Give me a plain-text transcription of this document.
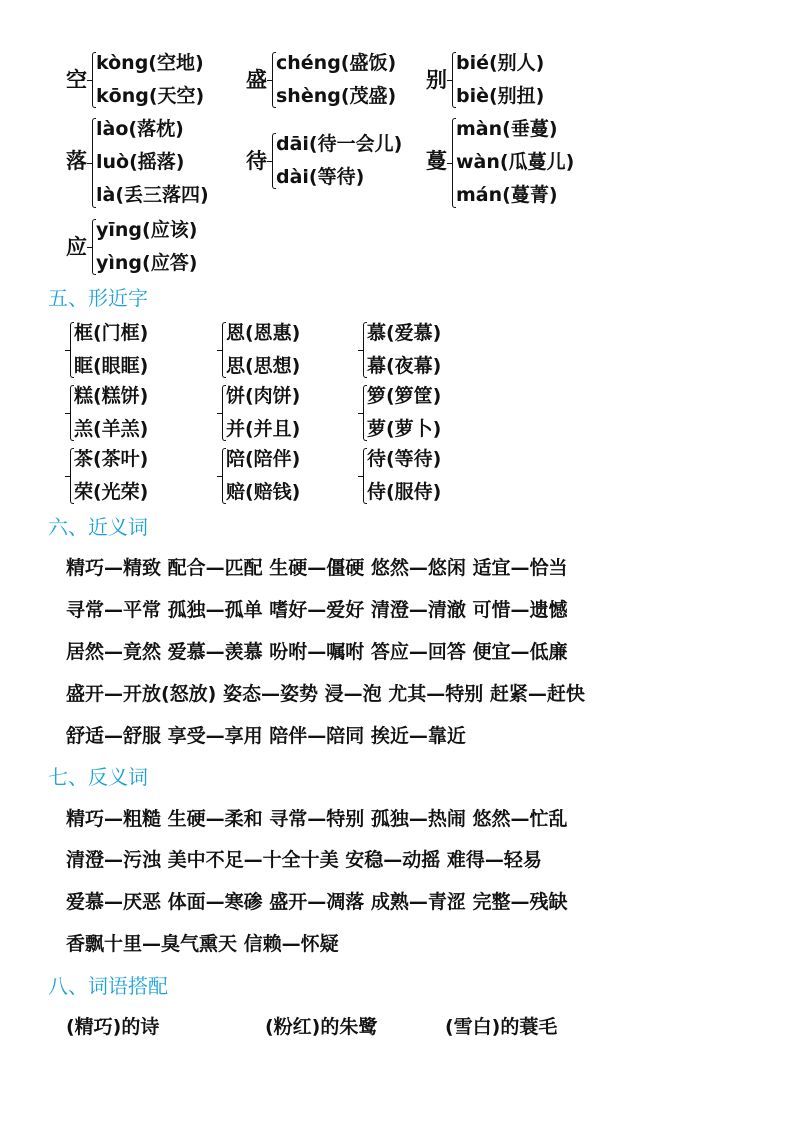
空
kòng(空地)
kōng(天空)
盛
chéng(盛饭)
shèng(茂盛)
别
bié(别人)
biè(别扭)
落
lào(落枕)
luò(摇落)
là(丢三落四)
待
dāi(待一会儿)
dài(等待)
蔓
màn(垂蔓)
wàn(瓜蔓儿)
mán(蔓菁)
应
yīng(应该)
yìng(应答)
五、形近字
框(门框)
眶(眼眶)
恩(恩惠)
思(思想)
慕(爱慕)
幕(夜幕)
糕(糕饼)
羔(羊羔)
饼(肉饼)
并(并且)
箩(箩筐)
萝(萝卜)
茶(茶叶)
荣(光荣)
陪(陪伴)
赔(赔钱)
待(等待)
侍(服侍)
六、近义词
精巧—精致 配合—匹配 生硬—僵硬 悠然—悠闲 适宜—恰当
寻常—平常 孤独—孤单 嗜好—爱好 清澄—清澈 可惜—遗憾
居然—竟然 爱慕—羡慕 吩咐—嘱咐 答应—回答 便宜—低廉
盛开—开放(怒放) 姿态—姿势 浸—泡 尤其—特别 赶紧—赶快
舒适—舒服 享受—享用 陪伴—陪同 挨近—靠近
七、反义词
精巧—粗糙 生硬—柔和 寻常—特别 孤独—热闹 悠然—忙乱
清澄—污浊 美中不足—十全十美 安稳—动摇 难得—轻易
爱慕—厌恶 体面—寒碜 盛开—凋落 成熟—青涩 完整—残缺
香飘十里—臭气熏天 信赖—怀疑
八、词语搭配
(精巧)的诗	(粉红)的朱鹭	(雪白)的蓑毛
